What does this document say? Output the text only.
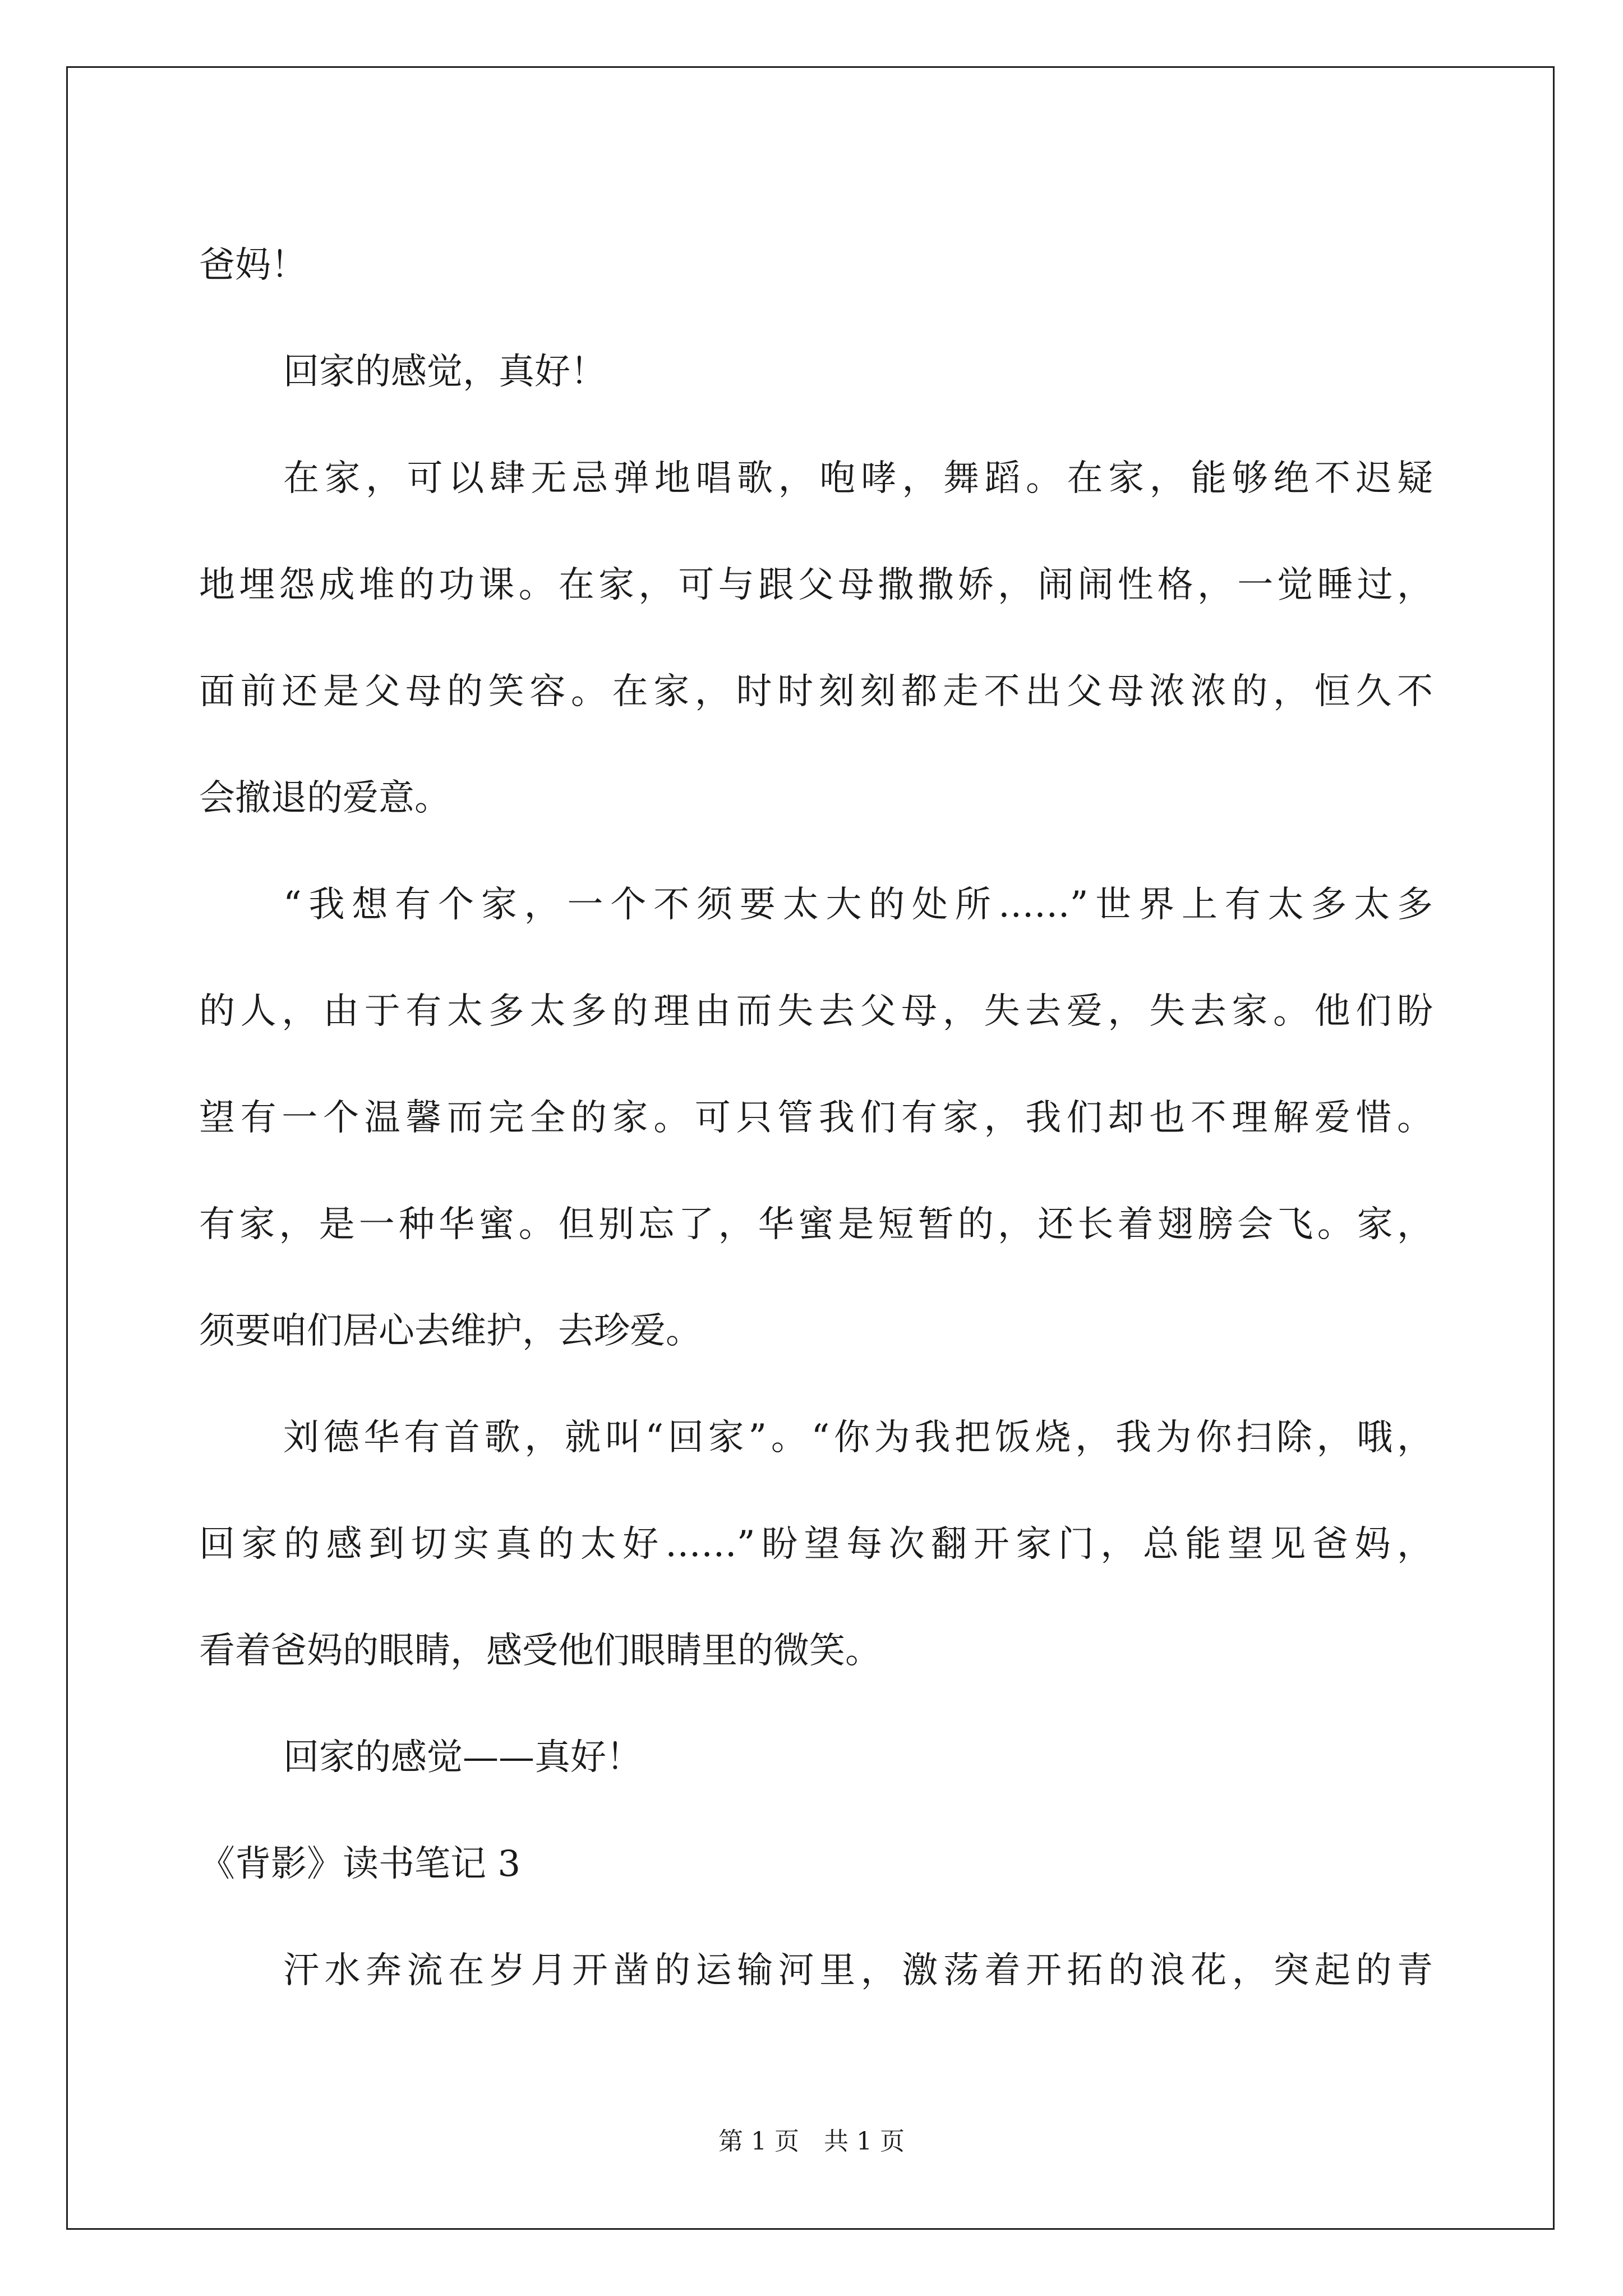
爸妈！

回家的感觉，真好！

在家，可以肆无忌弹地唱歌，咆哮，舞蹈。在家，能够绝不迟疑

地埋怨成堆的功课。在家，可与跟父母撒撒娇，闹闹性格，一觉睡过，

面前还是父母的笑容。在家，时时刻刻都走不出父母浓浓的，恒久不

会撤退的爱意。

“我想有个家，一个不须要太大的处所……”世界上有太多太多

的人，由于有太多太多的理由而失去父母，失去爱，失去家。他们盼

望有一个温馨而完全的家。可只管我们有家，我们却也不理解爱惜。

有家，是一种华蜜。但别忘了，华蜜是短暂的，还长着翅膀会飞。家，

须要咱们居心去维护，去珍爱。

刘德华有首歌，就叫“回家”。“你为我把饭烧，我为你扫除，哦，

回家的感到切实真的太好……”盼望每次翻开家门，总能望见爸妈，

看着爸妈的眼睛，感受他们眼睛里的微笑。

回家的感觉——真好！

《背影》读书笔记 3

汗水奔流在岁月开凿的运输河里，激荡着开拓的浪花，突起的青

第 1 页　共 1 页
